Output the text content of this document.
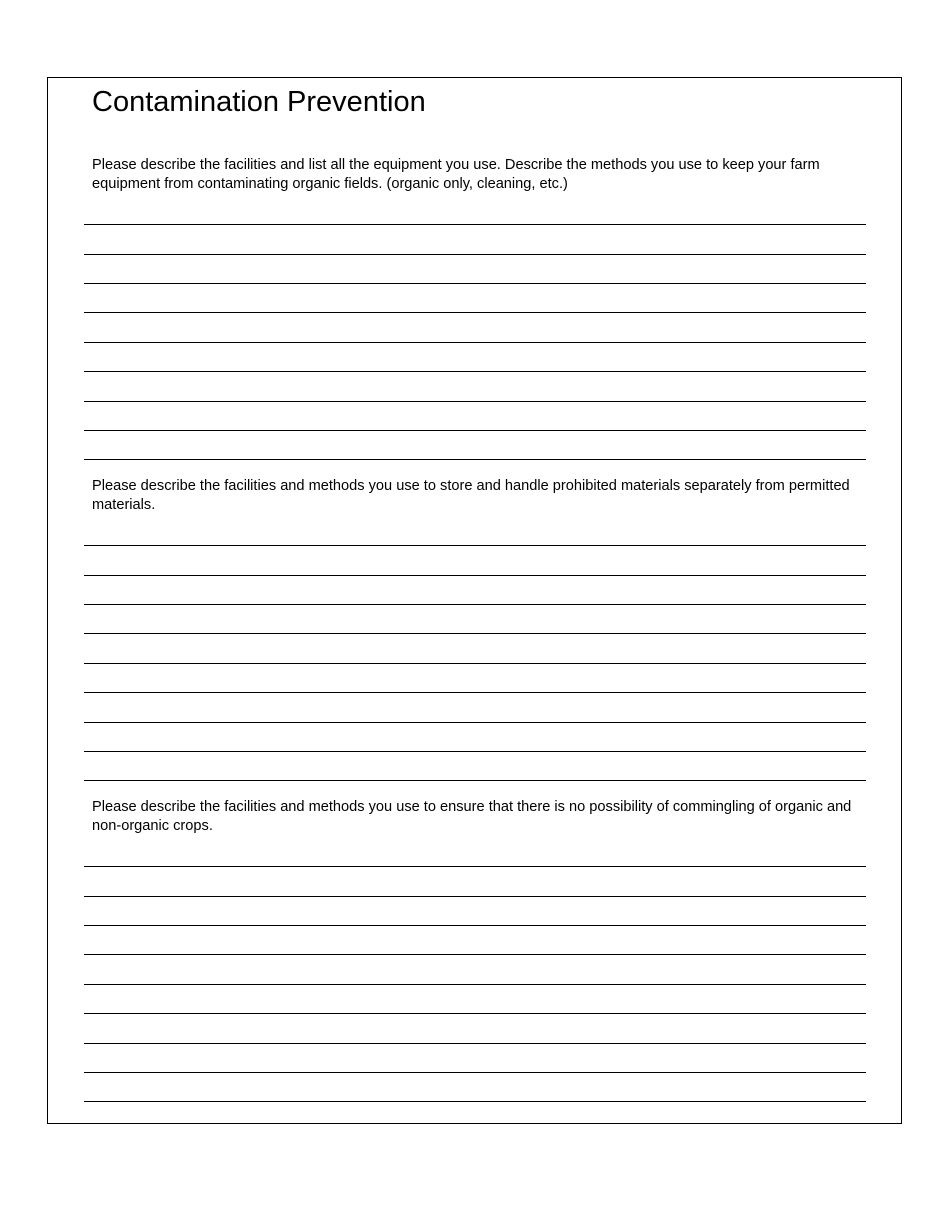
Contamination Prevention

Please describe the facilities and list all the equipment you use. Describe the methods you use to keep your farm equipment from contaminating organic fields. (organic only, cleaning, etc.)

Please describe the facilities and methods you use to store and handle prohibited materials separately from permitted materials.

Please describe the facilities and methods you use to ensure that there is no possibility of commingling of organic and non-organic crops.
